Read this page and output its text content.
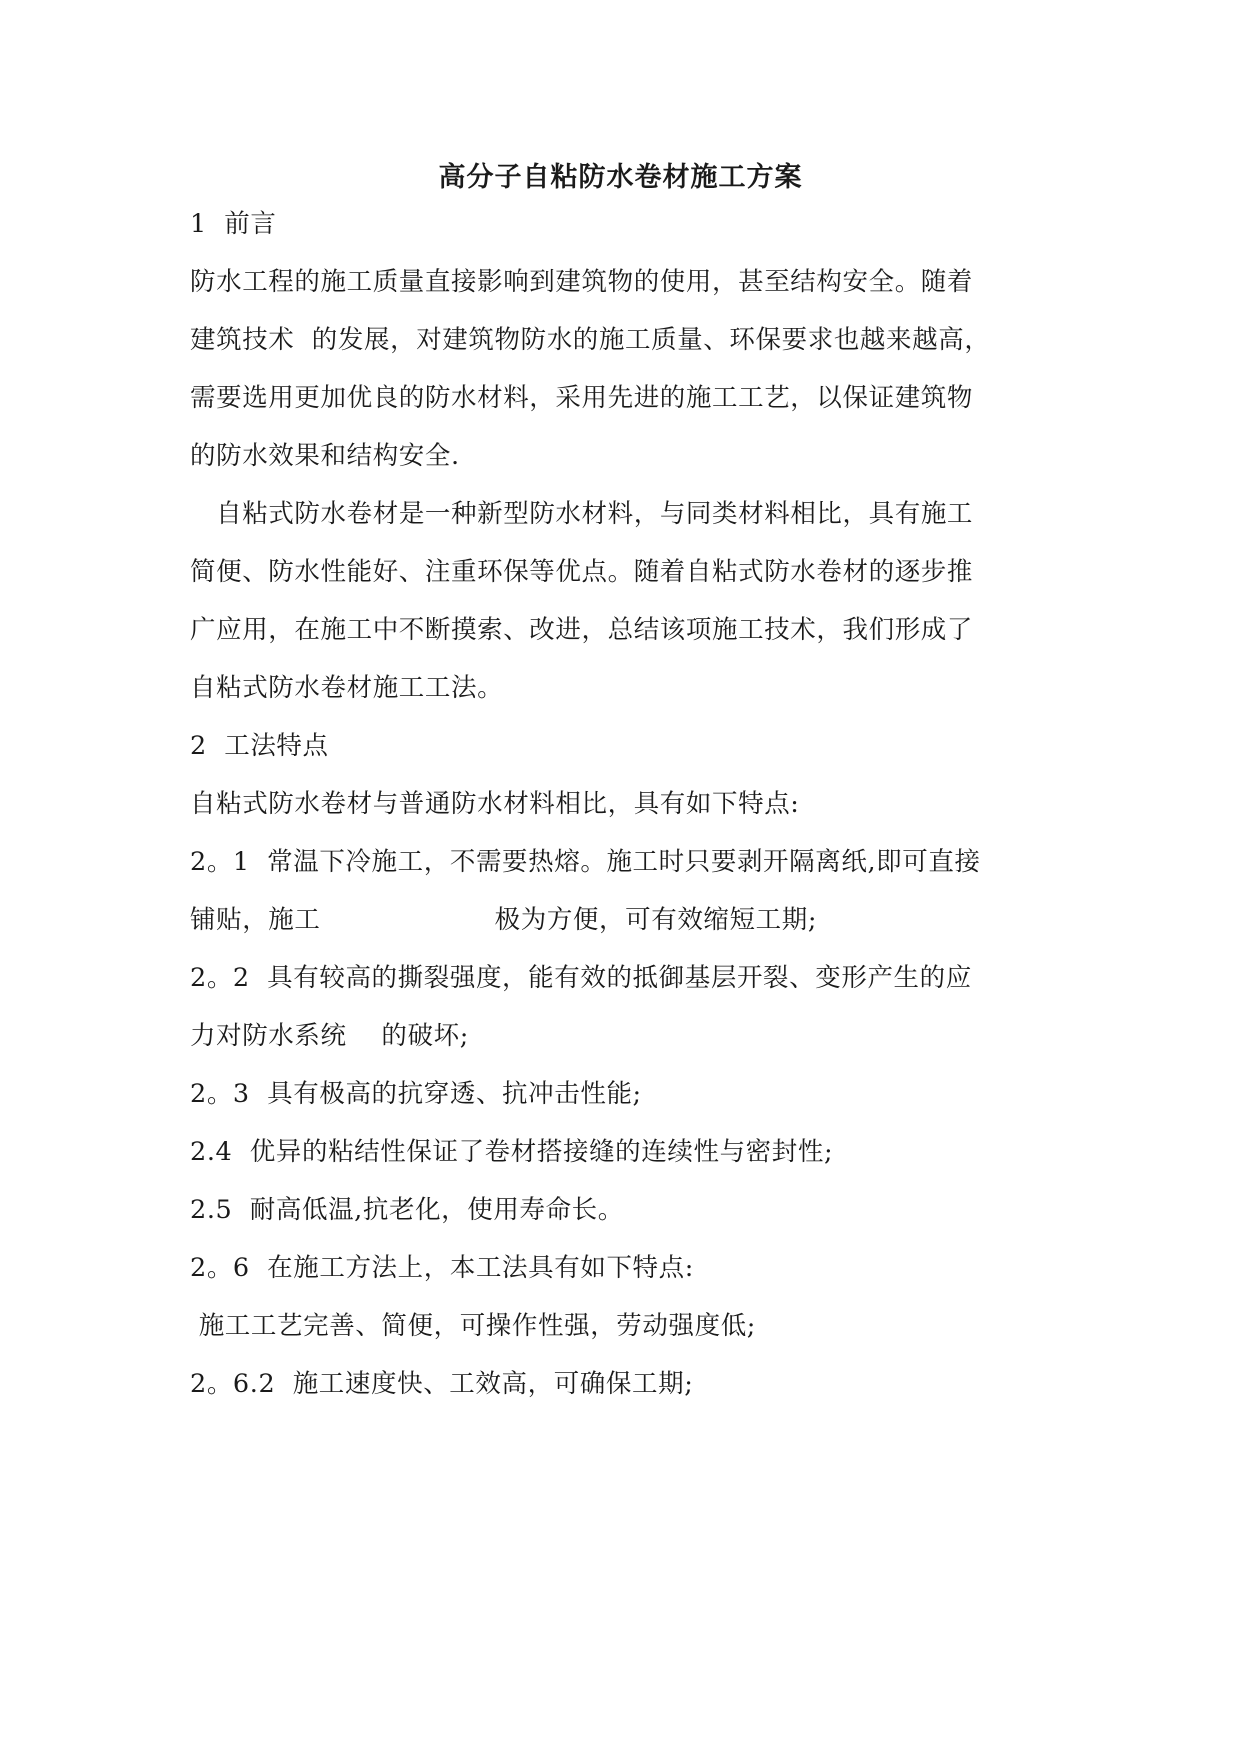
高分子自粘防水卷材施工方案
1  前言
防水工程的施工质量直接影响到建筑物的使用，甚至结构安全。随着
建筑技术  的发展，对建筑物防水的施工质量、环保要求也越来越高，
需要选用更加优良的防水材料，采用先进的施工工艺，以保证建筑物
的防水效果和结构安全.
自粘式防水卷材是一种新型防水材料，与同类材料相比，具有施工
简便、防水性能好、注重环保等优点。随着自粘式防水卷材的逐步推
广应用，在施工中不断摸索、改进，总结该项施工技术，我们形成了
自粘式防水卷材施工工法。
2  工法特点
自粘式防水卷材与普通防水材料相比，具有如下特点:
2。1  常温下冷施工，不需要热熔。施工时只要剥开隔离纸,即可直接
铺贴，施工                    极为方便，可有效缩短工期;
2。2  具有较高的撕裂强度，能有效的抵御基层开裂、变形产生的应
力对防水系统    的破坏;
2。3  具有极高的抗穿透、抗冲击性能;
2.4  优异的粘结性保证了卷材搭接缝的连续性与密封性;
2.5  耐高低温,抗老化，使用寿命长。
2。6  在施工方法上，本工法具有如下特点:
施工工艺完善、简便，可操作性强，劳动强度低;
2。6.2  施工速度快、工效高，可确保工期;
